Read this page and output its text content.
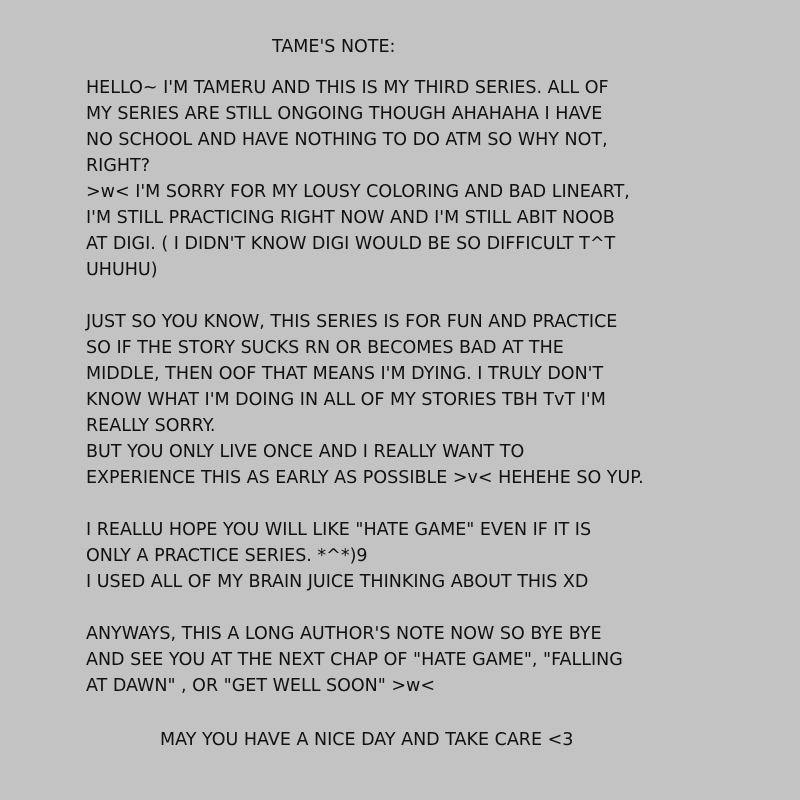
TAME'S NOTE:
HELLO~ I'M TAMERU AND THIS IS MY THIRD SERIES. ALL OF
MY SERIES ARE STILL ONGOING THOUGH AHAHAHA I HAVE
NO SCHOOL AND HAVE NOTHING TO DO ATM SO WHY NOT,
RIGHT?
>w< I'M SORRY FOR MY LOUSY COLORING AND BAD LINEART,
I'M STILL PRACTICING RIGHT NOW AND I'M STILL ABIT NOOB
AT DIGI. ( I DIDN'T KNOW DIGI WOULD BE SO DIFFICULT T^T
UHUHU)
JUST SO YOU KNOW, THIS SERIES IS FOR FUN AND PRACTICE
SO IF THE STORY SUCKS RN OR BECOMES BAD AT THE
MIDDLE, THEN OOF THAT MEANS I'M DYING. I TRULY DON'T
KNOW WHAT I'M DOING IN ALL OF MY STORIES TBH TvT I'M
REALLY SORRY.
BUT YOU ONLY LIVE ONCE AND I REALLY WANT TO
EXPERIENCE THIS AS EARLY AS POSSIBLE >v< HEHEHE SO YUP.
I REALLU HOPE YOU WILL LIKE "HATE GAME" EVEN IF IT IS
ONLY A PRACTICE SERIES. *^*)9
I USED ALL OF MY BRAIN JUICE THINKING ABOUT THIS XD
ANYWAYS, THIS A LONG AUTHOR'S NOTE NOW SO BYE BYE
AND SEE YOU AT THE NEXT CHAP OF "HATE GAME", "FALLING
AT DAWN" , OR "GET WELL SOON" >w<

MAY YOU HAVE A NICE DAY AND TAKE CARE <3
